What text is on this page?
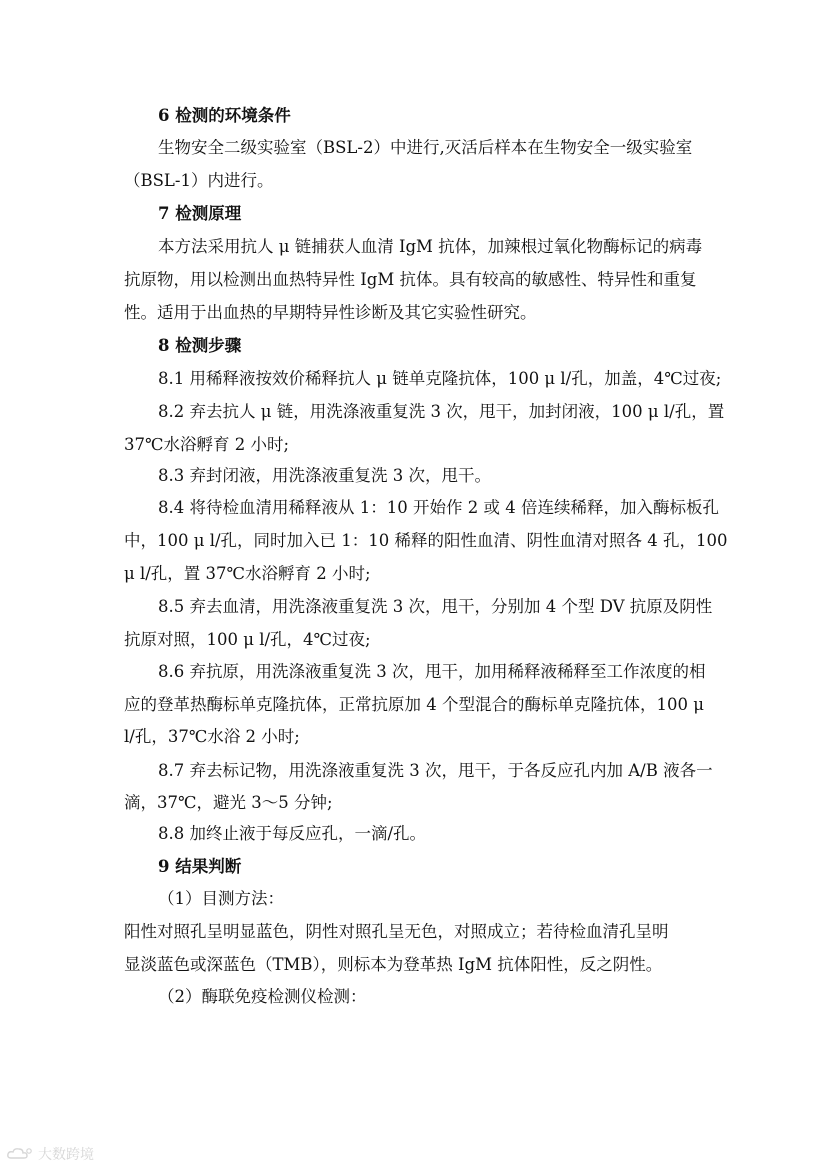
6 检测的环境条件
生物安全二级实验室（BSL-2）中进行,灭活后样本在生物安全一级实验室
（BSL-1）内进行。
7 检测原理
本方法采用抗人 μ 链捕获人血清 IgM 抗体，加辣根过氧化物酶标记的病毒
抗原物，用以检测出血热特异性 IgM 抗体。具有较高的敏感性、特异性和重复
性。适用于出血热的早期特异性诊断及其它实验性研究。
8 检测步骤
8.1 用稀释液按效价稀释抗人 μ 链单克隆抗体，100 μ l/孔，加盖，4℃过夜;
8.2 弃去抗人 μ 链，用洗涤液重复洗 3 次，甩干，加封闭液，100 μ l/孔，置
37℃水浴孵育 2 小时;
8.3 弃封闭液，用洗涤液重复洗 3 次，甩干。
8.4 将待检血清用稀释液从 1：10 开始作 2 或 4 倍连续稀释，加入酶标板孔
中，100 μ l/孔，同时加入已 1：10 稀释的阳性血清、阴性血清对照各 4 孔，100
μ l/孔，置 37℃水浴孵育 2 小时;
8.5 弃去血清，用洗涤液重复洗 3 次，甩干，分别加 4 个型 DV 抗原及阴性
抗原对照，100 μ l/孔，4℃过夜;
8.6 弃抗原，用洗涤液重复洗 3 次，甩干，加用稀释液稀释至工作浓度的相
应的登革热酶标单克隆抗体，正常抗原加 4 个型混合的酶标单克隆抗体，100 μ
l/孔，37℃水浴 2 小时;
8.7 弃去标记物，用洗涤液重复洗 3 次，甩干，于各反应孔内加 A/B 液各一
滴，37℃，避光 3～5 分钟;
8.8 加终止液于每反应孔，一滴/孔。
9 结果判断
（1）目测方法：
阳性对照孔呈明显蓝色，阴性对照孔呈无色，对照成立；若待检血清孔呈明
显淡蓝色或深蓝色（TMB），则标本为登革热 IgM 抗体阳性，反之阴性。
（2）酶联免疫检测仪检测：
大数跨境
